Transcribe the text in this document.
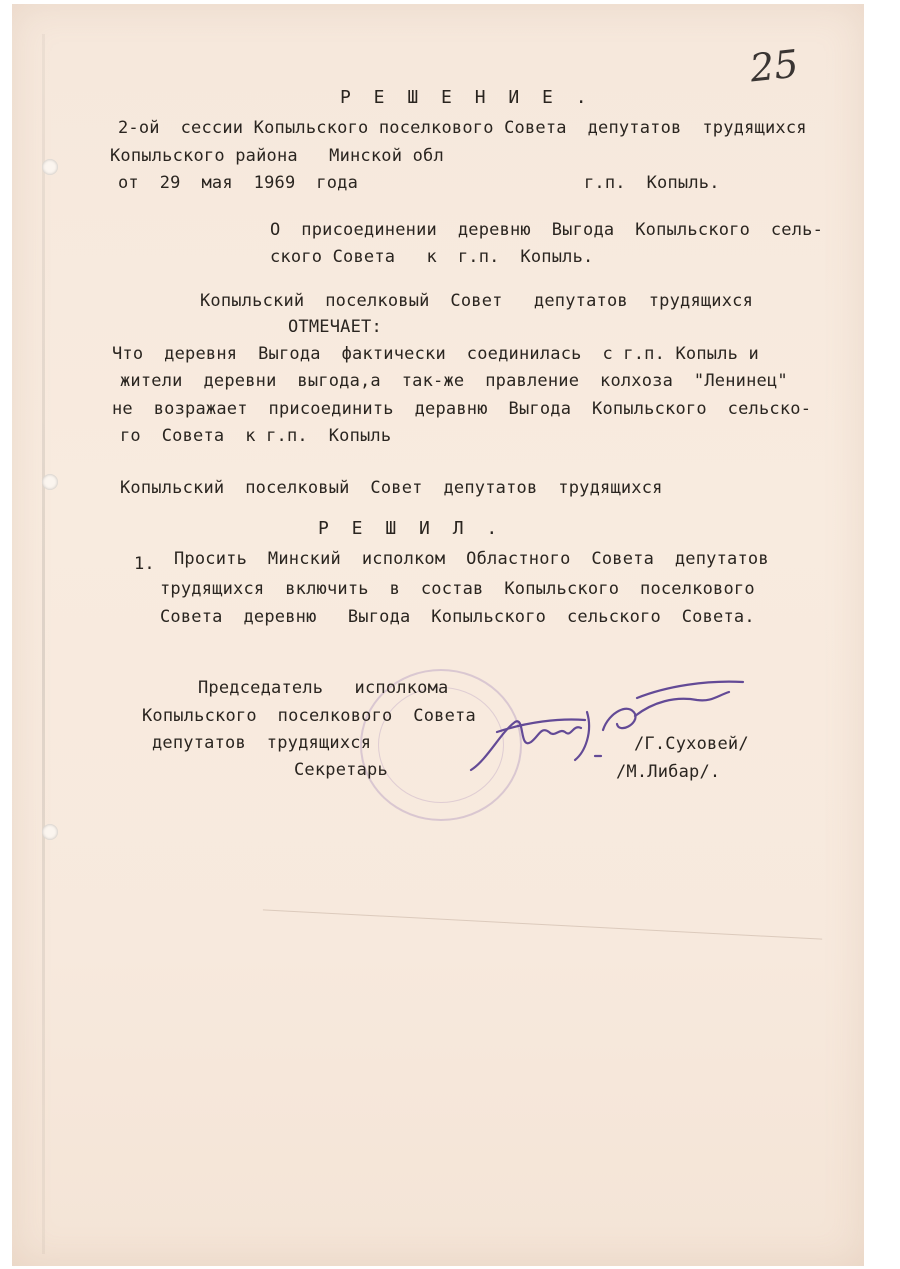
25
Р Е Ш Е Н И Е .
2-ой  сессии Копыльского поселкового Совета  депутатов  трудящихся
Копыльского района   Минской обл
от  29  мая  1969  года	г.п.  Копыль.
О  присоединении  деревню  Выгода  Копыльского  сель-
ского Совета   к  г.п.  Копыль.
Копыльский  поселковый  Совет   депутатов  трудящихся
ОТМЕЧАЕТ:
Что  деревня  Выгода  фактически  соединилась  с г.п. Копыль и
жители  деревни  выгода,а  так-же  правление  колхоза  "Ленинец"
не  возражает  присоединить  деравню  Выгода  Копыльского  сельско-
го  Совета  к г.п.  Копыль
Копыльский  поселковый  Совет  депутатов  трудящихся
Р Е Ш И Л .
1. Просить  Минский  исполком  Областного  Совета  депутатов
трудящихся  включить  в  состав  Копыльского  поселкового
Совета  деревню   Выгода  Копыльского  сельского  Совета.
Председатель   исполкома
Копыльского  поселкового  Совета
депутатов  трудящихся
Секретарь
/Г.Суховей/
/М.Либар/.
